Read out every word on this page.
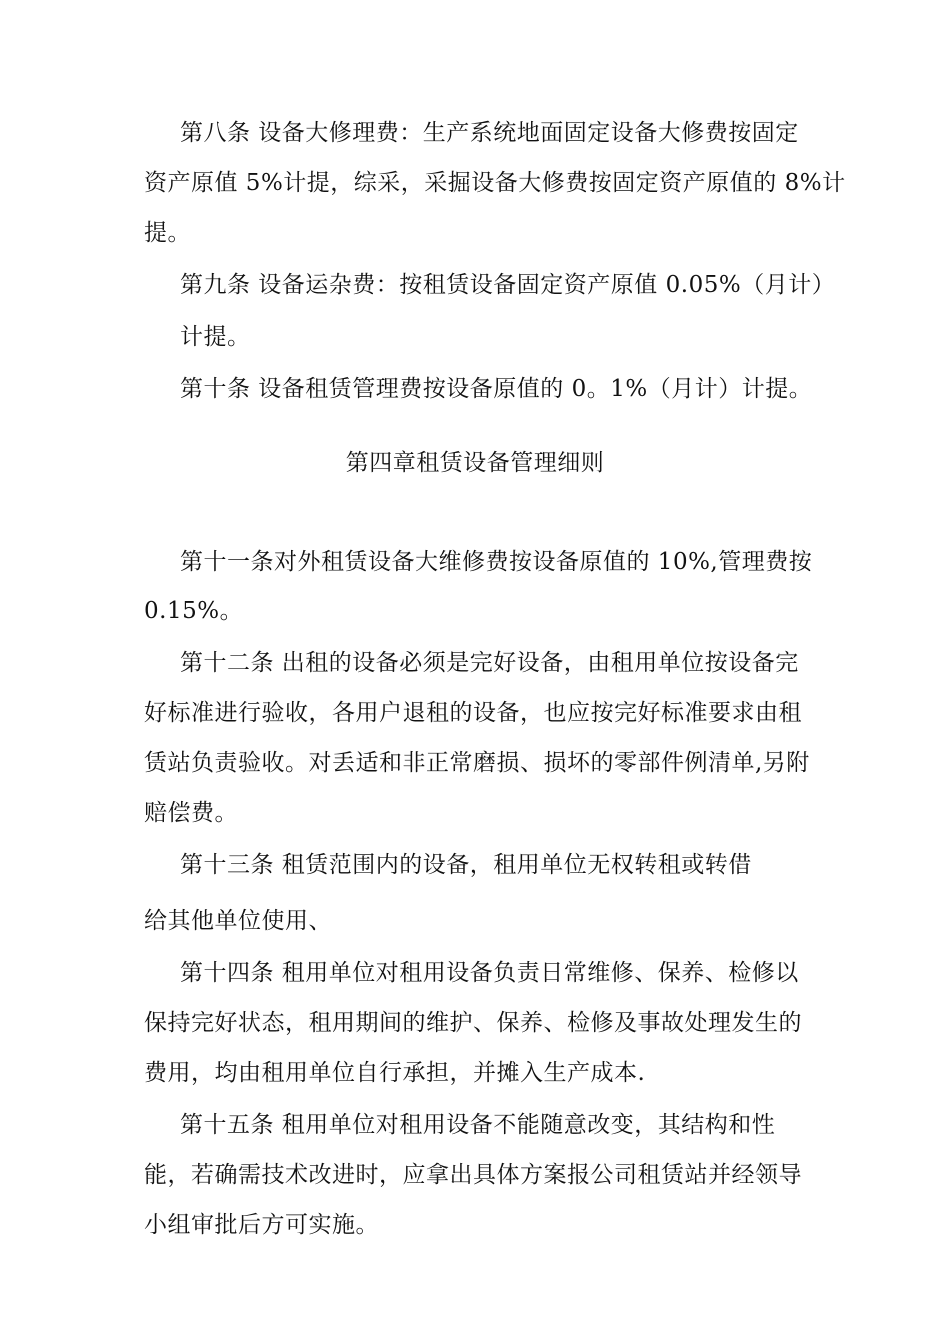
第八条 设备大修理费：生产系统地面固定设备大修费按固定
资产原值 5%计提，综采，采掘设备大修费按固定资产原值的 8%计
提。
第九条 设备运杂费：按租赁设备固定资产原值 0.05%（月计）
计提。
第十条 设备租赁管理费按设备原值的 0。1%（月计）计提。
第四章租赁设备管理细则
第十一条对外租赁设备大维修费按设备原值的 10%,管理费按
0.15%。
第十二条 出租的设备必须是完好设备，由租用单位按设备完
好标准进行验收，各用户退租的设备，也应按完好标准要求由租
赁站负责验收。对丢适和非正常磨损、损坏的零部件例清单,另附
赔偿费。
第十三条 租赁范围内的设备，租用单位无权转租或转借
给其他单位使用、
第十四条 租用单位对租用设备负责日常维修、保养、检修以
保持完好状态，租用期间的维护、保养、检修及事故处理发生的
费用，均由租用单位自行承担，并摊入生产成本.
第十五条 租用单位对租用设备不能随意改变，其结构和性
能，若确需技术改进时，应拿出具体方案报公司租赁站并经领导
小组审批后方可实施。
